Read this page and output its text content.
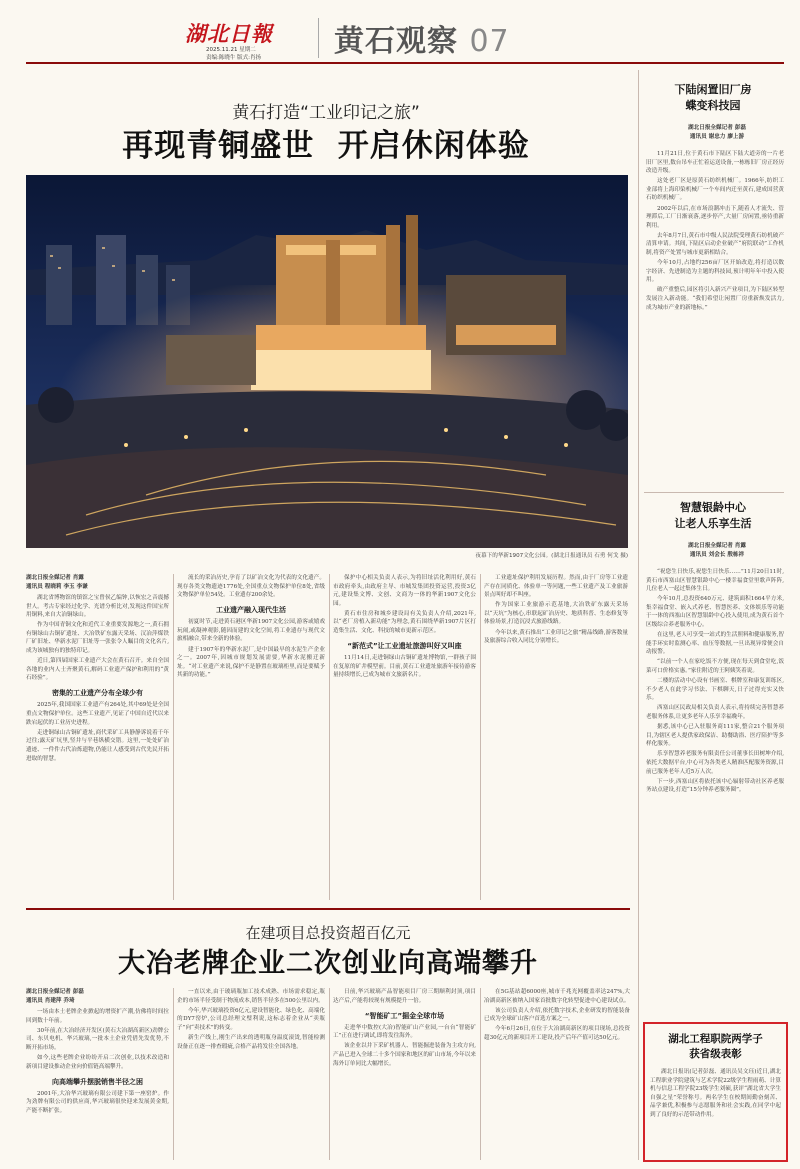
湖北日報
2025.11.21 星期二
责编:陈晓牛 版式:肖扬 黄石观察 07
黄石打造“工业印记之旅”
再现青铜盛世  开启休闲体验
夜幕下的华新1907文化公园。(湖北日报通讯员 石勇 何戈 摄)
湖北日报全媒记者 肖露
通讯员 程晓莉 李玉 李谦

湖北省博物馆的镇馆之宝曾侯乙编钟,以恢宏之音震撼世人。考古专家经过化学、光谱分析比对,发现这件国宝所用铜料,来自大冶铜绿山。

作为中国青铜文化和近代工业重要发源地之一,黄石拥有铜绿山古铜矿遗址、大冶铁矿东露天采场、汉冶萍煤铁厂矿旧址、华新水泥厂旧址等一张张令人瞩目的文化名片,成为该城独有的独特印记。

近日,第四届国家工业遗产大会在黄石召开。来自全国各地的业内人士齐聚黄石,解码工业遗产保护和利用的“黄石经验”。

密集的工业遗产分布全球少有

2025年,我国国家工业遗产有264处,其中69处是全国重点文物保护单位。这些工业遗产,见证了中国自近代以来跌宕起伏的工业历史进程。

走进铜绿山古铜矿遗址,商代采矿工具静静诉说着千年过往;露天矿坑里,竖井与平巷纵横交错。这里,一处处矿冶遗迹、一件件古代冶炼遗物,仍能让人感受到古代先民开拓进取的智慧。

流长的采冶历史,孕育了以矿冶文化为代表的文化遗产。现存各类文物遗迹1776处,全国重点文物保护单位8处,省级文物保护单位54处。工业遗存200余处。

工业遗产融入现代生活

初夏时节,走进黄石港区华新1907文化公园,游客或嬉戏玩闹,或凝神观影,随因而建的文化空间,将工业遗存与现代文旅相融合,带来全新的体验。

建于1907年的华新水泥厂,是中国最早的水泥生产企业之一。2007年,因城市规划发展需要,华新水泥搬迁新址。“对工业遗产来说,保护不是静置在玻璃柜里,而是要赋予其新的功能。”

保护中心相关负责人表示,为将旧址活化利用好,黄石市政府牵头,由政府主导、市城发集团投资运营,投资3亿元,建设集文博、文创、文商为一体的华新1907文化公园。

黄石市住房和城乡建设局有关负责人介绍,2021年,以“老厂房植入新功能”为理念,黄石围绕华新1907片区打造集生活、文化、科技的城市更新示范区。

“新范式”让工业遗址旅游叫好又叫座

11月14日,走进铜绿山古铜矿遗址博物馆,一群孩子围在复原的矿井模型前。目前,黄石工业遗址旅游年接待游客量持续增长,已成为城市文旅新名片。

工业遗址保护利用发展历程。然而,由于厂房等工业遗产存在同质化、体验单一等问题,一些工业遗产及工业旅游景点叫好却不叫座。

作为国家工业旅游示范基地,大冶铁矿东露天采场以“天坑”为核心,串联起矿冶历史、地质科普、生态修复等体验场景,打造沉浸式旅游线路。

今年以来,黄石推出“工业印记之旅”精品线路,游客数量及旅游综合收入同比分别增长。

下陆闲置旧厂房
蝶变科技园
湖北日报全媒记者 彭磊
通讯员 谢忠力 廖上游

11月21日,位于黄石市下陆区下陆大道旁的一片老旧厂区里,数台吊车正忙着运送设备,一栋栋旧厂房正经历改造升级。

这处老厂区是原黄石纺织机械厂。1966年,纺织工业部将上海印染机械厂一个车间内迁至黄石,建成国营黄石纺织机械厂。

2002年以后,在市场浪潮冲击下,随着人才流失、管理滞后,工厂日渐衰落,逐步停产,大量厂房闲置,亟待重新利用。

去年8月7日,黄石市中级人民法院受理黄石纺机破产清算申请。其间,下陆区启动企业破产“府院联动”工作机制,将资产处置与城市更新相结合。

今年10月,占地约256亩厂区开始改造,将打造以数字经济、先进制造为主题的科技园,预计明年年中投入使用。

破产重整后,园区将引入新兴产业项目,为下陆区转型发展注入新动能。“我们希望让闲置厂房重新焕发活力,成为城市产业的新地标。”

智慧银龄中心
让老人乐享生活
湖北日报全媒记者 肖露
通讯员 刘会长 殷栋祥

“祝您生日快乐,祝您生日快乐……”11月20日11时,黄石市西塞山区智慧银龄中心一楼幸福食堂里歌声阵阵,几位老人一起过集体生日。

今年10月,总投资640万元、建筑面积1664平方米,集幸福食堂、嵌入式养老、智慧医养、文体娱乐等功能于一体的西塞山区智慧银龄中心投入使用,成为黄石首个区级综合养老服务中心。

在这里,老人可享受一站式的生活照料和健康服务,智能手环实时监测心率、血压等数据,一旦出现异常便会自动报警。

“以前一个人在家吃饭不方便,现在每天到食堂吃,饭菜可口价格实惠。”家住附近的王阿姨笑着说。

二楼的活动中心设有书画室、棋牌室和康复训练区,不少老人在此学习书法、下棋聊天,日子过得充实又快乐。

西塞山区民政局相关负责人表示,将持续完善智慧养老服务体系,让更多老年人乐享幸福晚年。

据悉,该中心已入驻服务商111家,整合21个服务项目,为辖区老人提供家政保洁、助餐助浴、医疗陪护等多样化服务。

乐享智慧养老服务有限责任公司董事长田树坤介绍,依托大数据平台,中心可为各类老人精准匹配服务资源,目前已服务老年人近5万人次。

下一步,西塞山区将依托该中心辐射带动社区养老服务站点建设,打造“15分钟养老服务圈”。

湖北工程职院两学子
获省级表彰
湖北日报讯(记者彭磊、通讯员吴文珏)近日,湖北工程职业学院建筑与艺术学院22级学生程雨萌、计算机与信息工程学院23级学生刘硕,获评“湖北省大学生自强之星”荣誉称号。两名学生在校期间勤奋刻苦、品学兼优,积极参与志愿服务和社会实践,在同学中起到了良好的示范带动作用。
在建项目总投资超百亿元
大冶老牌企业二次创业向高端攀升
湖北日报全媒记者 彭磊
通讯员 肖建萍 乔琦

一场由本土老牌企业掀起的增资扩产潮,仿佛将时间拉回到数十年前。

30年前,在大冶经济开发区(黄石大冶湖高新区)劲牌公司、东贝电机、华兴玻璃,一批本土企业凭借先发优势,不断开拓市场。

如今,这些老牌企业纷纷开启二次创业,以技术改造和新项目建设推动企业向价值链高端攀升。

向高端攀升摆脱销售半径之困

2001年,大冶华兴玻璃有限公司建下第一座窑炉。作为劲牌有限公司的供应商,华兴玻璃很快迎来发展黄金期,产能不断扩张。

一直以来,由于玻璃瓶加工技术成熟、市场需求稳定,瓶企的市场半径受制于物流成本,销售半径多在500公里以内。

今年,华兴玻璃投资6亿元,建设智能化、绿色化、高端化的DY7窑炉,公司总经理文璧利说,这标志着企业从“卖瓶子”向“卖技术”的转变。

新生产线上,刚生产出来的透明瓶身温度滚烫,智能检测设备正在逐一排查瑕疵,合格产品将发往全国各地。

日前,华兴玻璃产品智能项目厂房三期顺利封顶,项目达产后,产能将较现有规模提升一倍。

“智能矿工”掘金全球市场

走进华中数控(大冶)智能矿山产业园,一台台“智能矿工”正在进行调试,即将发往海外。

该企业以井下采矿机器人、智能掘进装备为主攻方向,产品已进入全球二十多个国家和地区的矿山市场,今年以来海外订单同比大幅增长。

在5G基站超6000座,城市千兆光网覆盖率达247%,大冶湖高新区被纳入国家首批数字化转型促进中心建设试点。

该公司负责人介绍,依托数字技术,企业研发的智能装备已成为全球矿山客户首选方案之一。

今年6月26日,在位于大冶湖高新区的项目现场,总投资超30亿元的新项目开工建设,投产后年产值可达50亿元。
